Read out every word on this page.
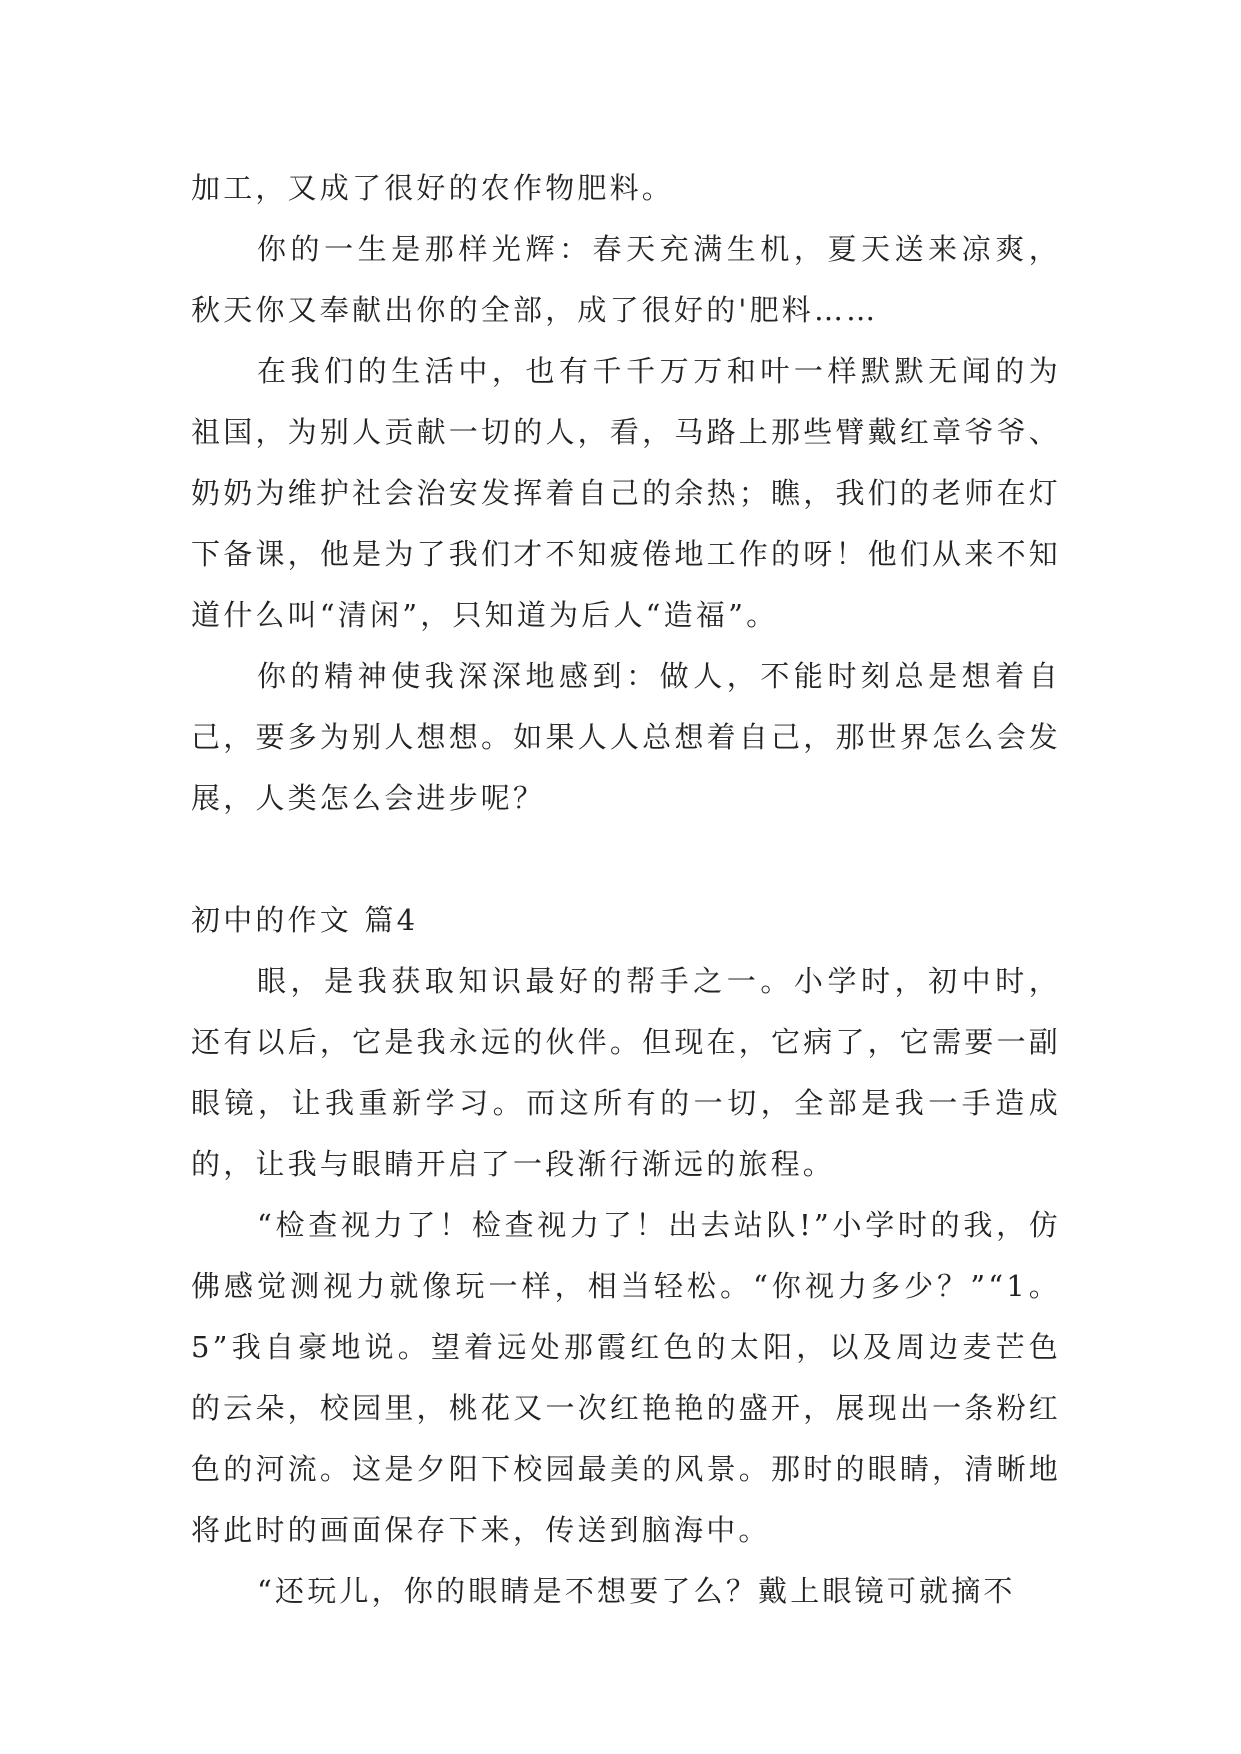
加工，又成了很好的农作物肥料。

你的一生是那样光辉：春天充满生机，夏天送来凉爽，秋天你又奉献出你的全部，成了很好的'肥料……

在我们的生活中，也有千千万万和叶一样默默无闻的为祖国，为别人贡献一切的人，看，马路上那些臂戴红章爷爷、奶奶为维护社会治安发挥着自己的余热；瞧，我们的老师在灯下备课，他是为了我们才不知疲倦地工作的呀！他们从来不知道什么叫“清闲”，只知道为后人“造福”。

你的精神使我深深地感到：做人，不能时刻总是想着自己，要多为别人想想。如果人人总想着自己，那世界怎么会发展，人类怎么会进步呢？

初中的作文 篇4

眼，是我获取知识最好的帮手之一。小学时，初中时，还有以后，它是我永远的伙伴。但现在，它病了，它需要一副眼镜，让我重新学习。而这所有的一切，全部是我一手造成的，让我与眼睛开启了一段渐行渐远的旅程。

“检查视力了！检查视力了！出去站队!”小学时的我，仿佛感觉测视力就像玩一样，相当轻松。“你视力多少？”“1。5”我自豪地说。望着远处那霞红色的太阳，以及周边麦芒色的云朵，校园里，桃花又一次红艳艳的盛开，展现出一条粉红色的河流。这是夕阳下校园最美的风景。那时的眼睛，清晰地将此时的画面保存下来，传送到脑海中。

“还玩儿，你的眼睛是不想要了么？戴上眼镜可就摘不
